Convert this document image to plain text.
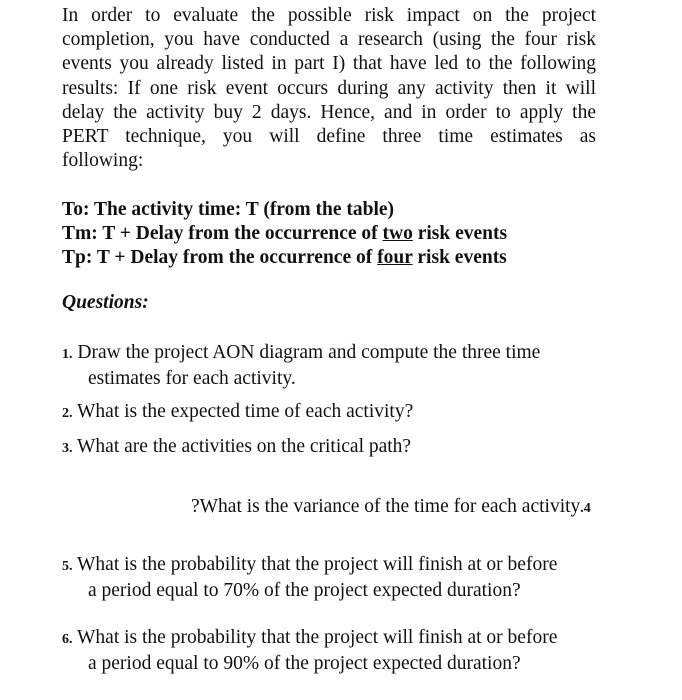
In order to evaluate the possible risk impact on the project
completion, you have conducted a research (using the four risk
events you already listed in part I) that have led to the following
results: If one risk event occurs during any activity then it will
delay the activity buy 2 days. Hence, and in order to apply the
PERT technique, you will define three time estimates as
following:
To: The activity time: T (from the table)
Tm: T + Delay from the occurrence of two risk events
Tp: T + Delay from the occurrence of four risk events
Questions:
1. Draw the project AON diagram and compute the three time
estimates for each activity.
2. What is the expected time of each activity?
3. What are the activities on the critical path?
?What is the variance of the time for each activity.4
5. What is the probability that the project will finish at or before
a period equal to 70% of the project expected duration?
6. What is the probability that the project will finish at or before
a period equal to 90% of the project expected duration?
